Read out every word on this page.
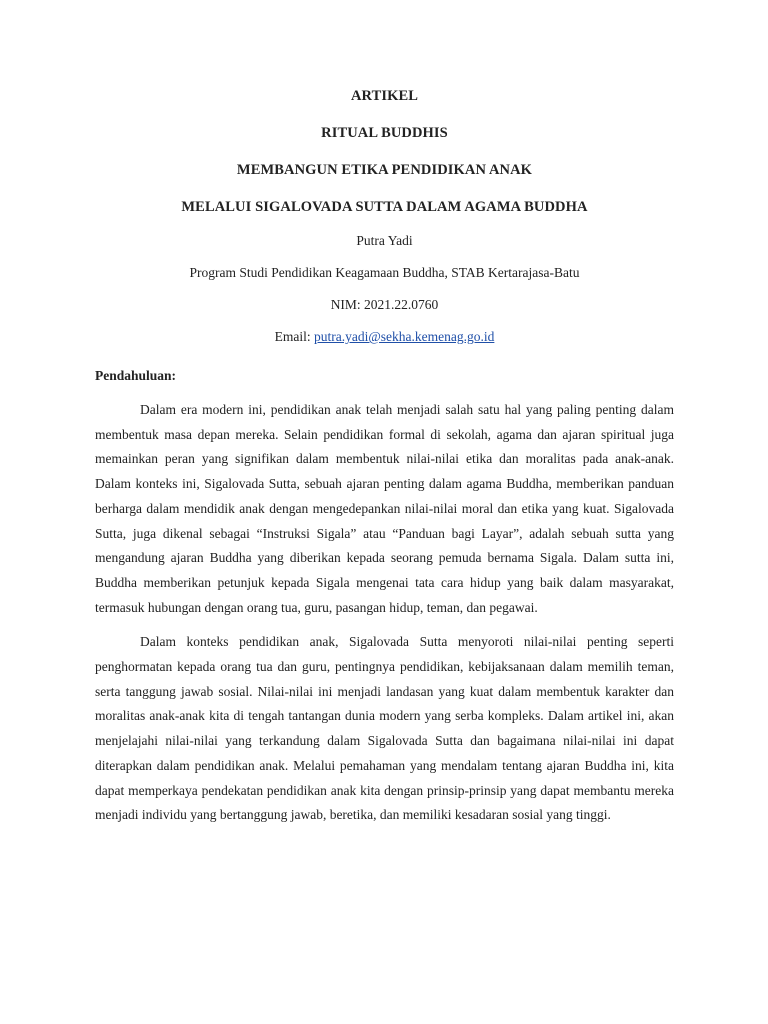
ARTIKEL
RITUAL BUDDHIS
MEMBANGUN ETIKA PENDIDIKAN ANAK
MELALUI SIGALOVADA SUTTA DALAM AGAMA BUDDHA
Putra Yadi
Program Studi Pendidikan Keagamaan Buddha, STAB Kertarajasa-Batu
NIM: 2021.22.0760
Email: putra.yadi@sekha.kemenag.go.id
Pendahuluan:

Dalam era modern ini, pendidikan anak telah menjadi salah satu hal yang paling penting dalam membentuk masa depan mereka. Selain pendidikan formal di sekolah, agama dan ajaran spiritual juga memainkan peran yang signifikan dalam membentuk nilai-nilai etika dan moralitas pada anak-anak. Dalam konteks ini, Sigalovada Sutta, sebuah ajaran penting dalam agama Buddha, memberikan panduan berharga dalam mendidik anak dengan mengedepankan nilai-nilai moral dan etika yang kuat. Sigalovada Sutta, juga dikenal sebagai “Instruksi Sigala” atau “Panduan bagi Layar”, adalah sebuah sutta yang mengandung ajaran Buddha yang diberikan kepada seorang pemuda bernama Sigala. Dalam sutta ini, Buddha memberikan petunjuk kepada Sigala mengenai tata cara hidup yang baik dalam masyarakat, termasuk hubungan dengan orang tua, guru, pasangan hidup, teman, dan pegawai.

Dalam konteks pendidikan anak, Sigalovada Sutta menyoroti nilai-nilai penting seperti penghormatan kepada orang tua dan guru, pentingnya pendidikan, kebijaksanaan dalam memilih teman, serta tanggung jawab sosial. Nilai-nilai ini menjadi landasan yang kuat dalam membentuk karakter dan moralitas anak-anak kita di tengah tantangan dunia modern yang serba kompleks. Dalam artikel ini, akan menjelajahi nilai-nilai yang terkandung dalam Sigalovada Sutta dan bagaimana nilai-nilai ini dapat diterapkan dalam pendidikan anak. Melalui pemahaman yang mendalam tentang ajaran Buddha ini, kita dapat memperkaya pendekatan pendidikan anak kita dengan prinsip-prinsip yang dapat membantu mereka menjadi individu yang bertanggung jawab, beretika, dan memiliki kesadaran sosial yang tinggi.
